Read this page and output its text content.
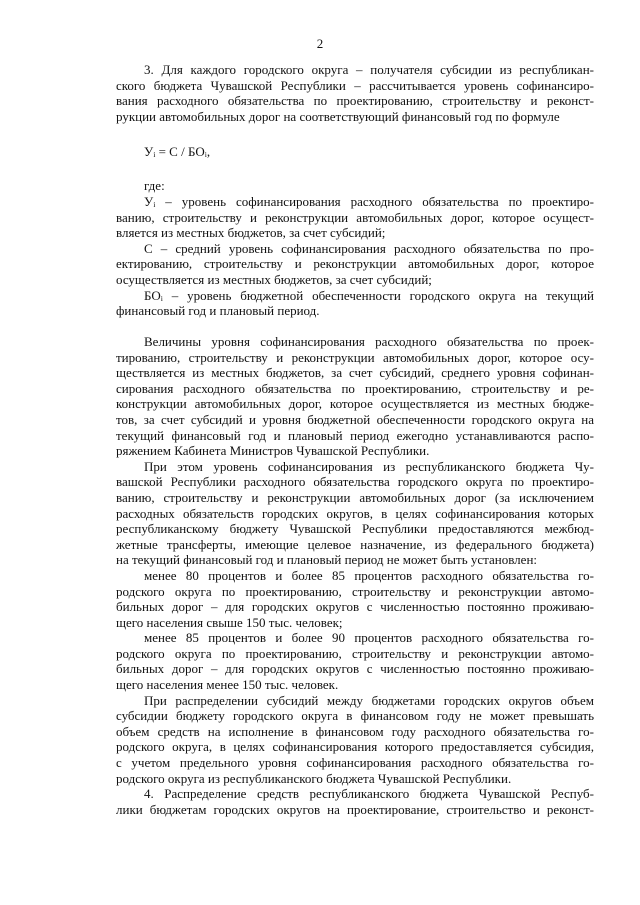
2
3. Для каждого городского округа – получателя субсидии из республикан-
ского бюджета Чувашской Республики – рассчитывается уровень софинансиро-
вания расходного обязательства по проектированию, строительству и реконст-
рукции автомобильных дорог на соответствующий финансовый год по формуле
Уᵢ = С / БОᵢ,
где:
Уᵢ – уровень софинансирования расходного обязательства по проектиро-
ванию, строительству и реконструкции автомобильных дорог, которое осущест-
вляется из местных бюджетов, за счет субсидий;
С – средний уровень софинансирования расходного обязательства по про-
ектированию, строительству и реконструкции автомобильных дорог, которое
осуществляется из местных бюджетов, за счет субсидий;
БОᵢ – уровень бюджетной обеспеченности городского округа на текущий
финансовый год и плановый период.
Величины уровня софинансирования расходного обязательства по проек-
тированию, строительству и реконструкции автомобильных дорог, которое осу-
ществляется из местных бюджетов, за счет субсидий, среднего уровня софинан-
сирования расходного обязательства по проектированию, строительству и ре-
конструкции автомобильных дорог, которое осуществляется из местных бюдже-
тов, за счет субсидий и уровня бюджетной обеспеченности городского округа на
текущий финансовый год и плановый период ежегодно устанавливаются распо-
ряжением Кабинета Министров Чувашской Республики.
При этом уровень софинансирования из республиканского бюджета Чу-
вашской Республики расходного обязательства городского округа по проектиро-
ванию, строительству и реконструкции автомобильных дорог (за исключением
расходных обязательств городских округов, в целях софинансирования которых
республиканскому бюджету Чувашской Республики предоставляются межбюд-
жетные трансферты, имеющие целевое назначение, из федерального бюджета)
на текущий финансовый год и плановый период не может быть установлен:
менее 80 процентов и более 85 процентов расходного обязательства го-
родского округа по проектированию, строительству и реконструкции автомо-
бильных дорог – для городских округов с численностью постоянно проживаю-
щего населения свыше 150 тыс. человек;
менее 85 процентов и более 90 процентов расходного обязательства го-
родского округа по проектированию, строительству и реконструкции автомо-
бильных дорог – для городских округов с численностью постоянно проживаю-
щего населения менее 150 тыс. человек.
При распределении субсидий между бюджетами городских округов объем
субсидии бюджету городского округа в финансовом году не может превышать
объем средств на исполнение в финансовом году расходного обязательства го-
родского округа, в целях софинансирования которого предоставляется субсидия,
с учетом предельного уровня софинансирования расходного обязательства го-
родского округа из республиканского бюджета Чувашской Республики.
4. Распределение средств республиканского бюджета Чувашской Респуб-
лики бюджетам городских округов на проектирование, строительство и реконст-
